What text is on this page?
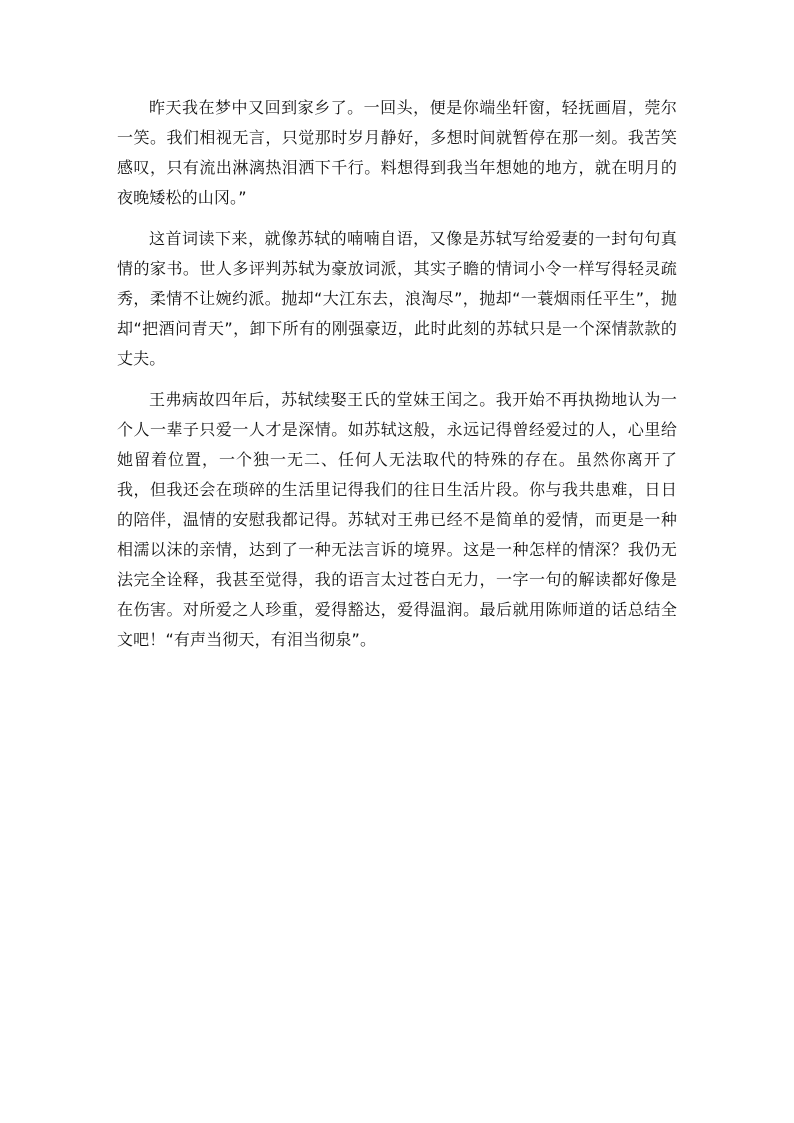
昨天我在梦中又回到家乡了。一回头，便是你端坐轩窗，轻抚画眉，莞尔一笑。我们相视无言，只觉那时岁月静好，多想时间就暂停在那一刻。我苦笑感叹，只有流出淋漓热泪洒下千行。料想得到我当年想她的地方，就在明月的夜晚矮松的山冈。”

这首词读下来，就像苏轼的喃喃自语，又像是苏轼写给爱妻的一封句句真情的家书。世人多评判苏轼为豪放词派，其实子瞻的情词小令一样写得轻灵疏秀，柔情不让婉约派。抛却“大江东去，浪淘尽”，抛却“一蓑烟雨任平生”，抛却“把酒问青天”，卸下所有的刚强豪迈，此时此刻的苏轼只是一个深情款款的丈夫。

王弗病故四年后，苏轼续娶王氏的堂妹王闰之。我开始不再执拗地认为一个人一辈子只爱一人才是深情。如苏轼这般，永远记得曾经爱过的人，心里给她留着位置，一个独一无二、任何人无法取代的特殊的存在。虽然你离开了我，但我还会在琐碎的生活里记得我们的往日生活片段。你与我共患难，日日的陪伴，温情的安慰我都记得。苏轼对王弗已经不是简单的爱情，而更是一种相濡以沫的亲情，达到了一种无法言诉的境界。这是一种怎样的情深？我仍无法完全诠释，我甚至觉得，我的语言太过苍白无力，一字一句的解读都好像是在伤害。对所爱之人珍重，爱得豁达，爱得温润。最后就用陈师道的话总结全文吧！“有声当彻天，有泪当彻泉”。
